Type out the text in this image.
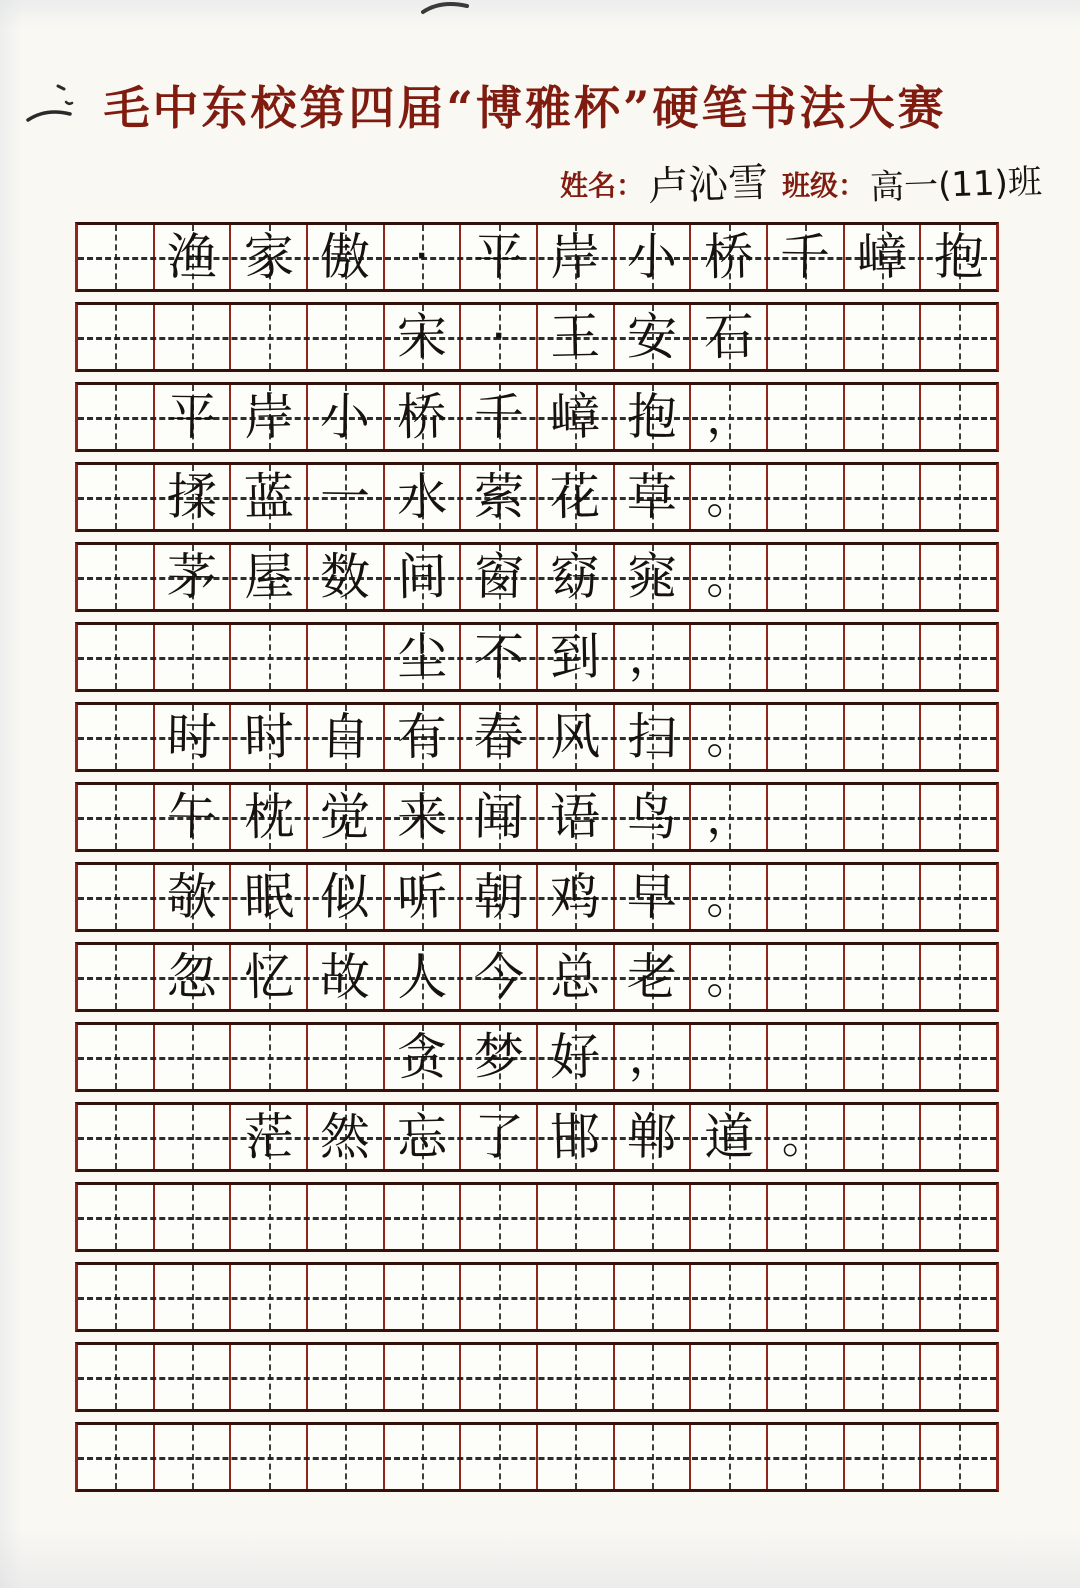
毛中东校第四届“博雅杯”硬笔书法大赛
姓名： 卢沁雪 班级： 高一(11)班
渔 家 傲 · 平 岸 小 桥 千 嶂 抱
宋 · 王 安 石
平 岸 小 桥 千 嶂 抱 ，
揉 蓝 一 水 萦 花 草 。
茅 屋 数 间 窗 窈 窕 。
尘 不 到 ，
时 时 自 有 春 风 扫 。
午 枕 觉 来 闻 语 鸟 ，
欹 眠 似 听 朝 鸡 早 。
忽 忆 故 人 今 总 老 。
贪 梦 好 ，
茫 然 忘 了 邯 郸 道 。
